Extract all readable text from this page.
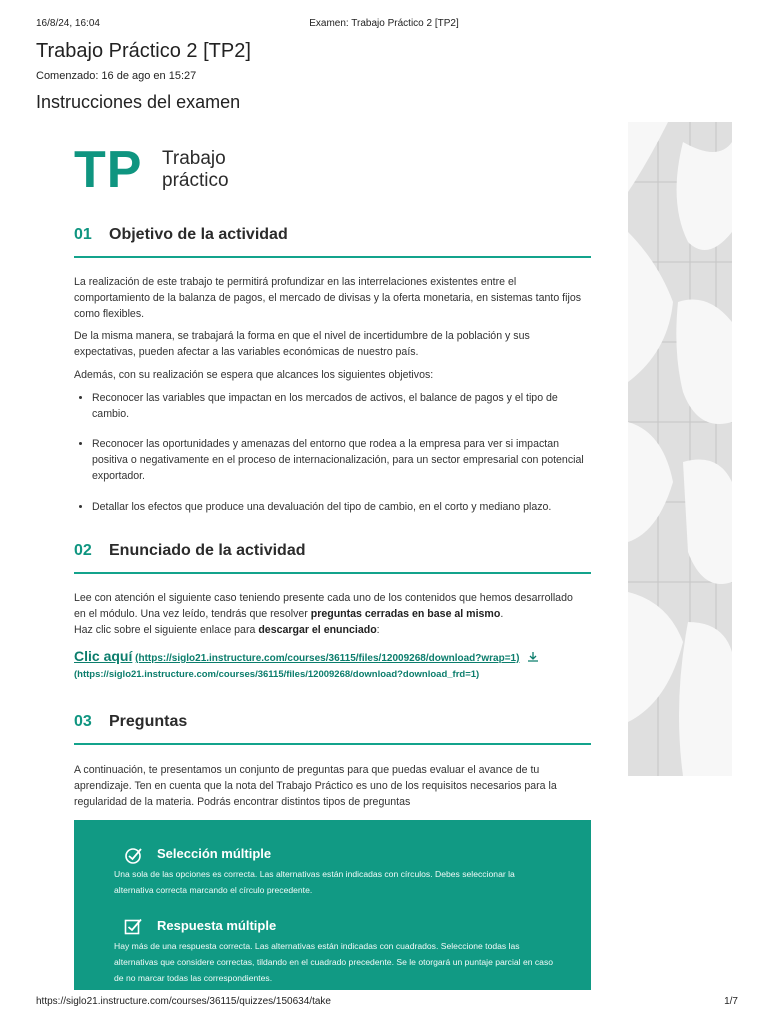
16/8/24, 16:04	Examen: Trabajo Práctico 2 [TP2]
Trabajo Práctico 2 [TP2]
Comenzado: 16 de ago en 15:27
Instrucciones del examen
TP Trabajo
práctico
01 Objetivo de la actividad
La realización de este trabajo te permitirá profundizar en las interrelaciones existentes entre el comportamiento de la balanza de pagos, el mercado de divisas y la oferta monetaria, en sistemas tanto fijos como flexibles.
De la misma manera, se trabajará la forma en que el nivel de incertidumbre de la población y sus expectativas, pueden afectar a las variables económicas de nuestro país.
Además, con su realización se espera que alcances los siguientes objetivos:
• Reconocer las variables que impactan en los mercados de activos, el balance de pagos y el tipo de cambio.
• Reconocer las oportunidades y amenazas del entorno que rodea a la empresa para ver si impactan positiva o negativamente en el proceso de internacionalización, para un sector empresarial con potencial exportador.
• Detallar los efectos que produce una devaluación del tipo de cambio, en el corto y mediano plazo.
02 Enunciado de la actividad
Lee con atención el siguiente caso teniendo presente cada uno de los contenidos que hemos desarrollado en el módulo. Una vez leído, tendrás que resolver preguntas cerradas en base al mismo.
Haz clic sobre el siguiente enlace para descargar el enunciado:
Clic aquí (https://siglo21.instructure.com/courses/36115/files/12009268/download?wrap=1)
(https://siglo21.instructure.com/courses/36115/files/12009268/download?download_frd=1)
03 Preguntas
A continuación, te presentamos un conjunto de preguntas para que puedas evaluar el avance de tu aprendizaje. Ten en cuenta que la nota del Trabajo Práctico es uno de los requisitos necesarios para la regularidad de la materia. Podrás encontrar distintos tipos de preguntas
Selección múltiple
Una sola de las opciones es correcta. Las alternativas están indicadas con círculos. Debes seleccionar la alternativa correcta marcando el círculo precedente.
Respuesta múltiple
Hay más de una respuesta correcta. Las alternativas están indicadas con cuadrados. Seleccione todas las alternativas que considere correctas, tildando en el cuadrado precedente. Se le otorgará un puntaje parcial en caso de no marcar todas las correspondientes.
https://siglo21.instructure.com/courses/36115/quizzes/150634/take	1/7
